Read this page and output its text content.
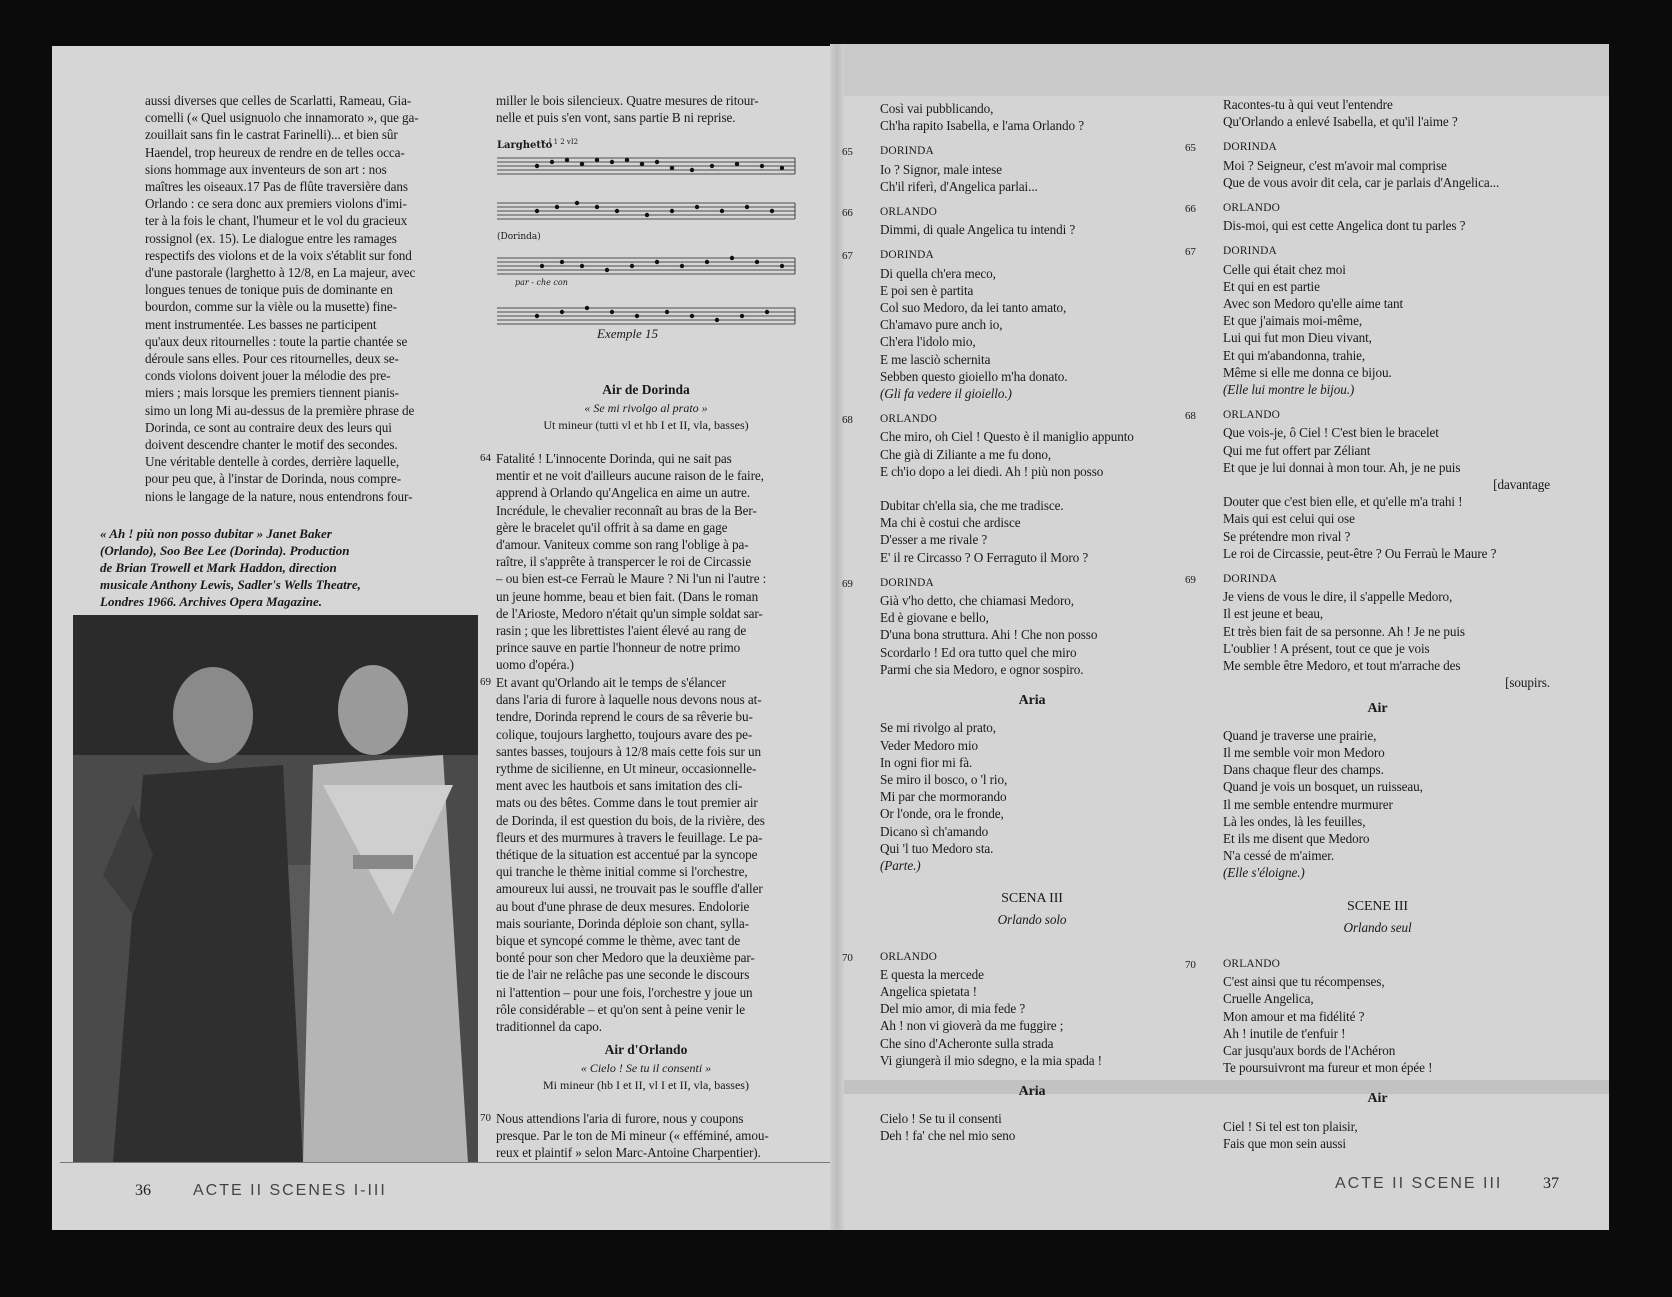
aussi diverses que celles de Scarlatti, Rameau, Gia-
comelli (« Quel usignuolo che innamorato », que ga-
zouillait sans fin le castrat Farinelli)... et bien sûr
Haendel, trop heureux de rendre en de telles occa-
sions hommage aux inventeurs de son art : nos
maîtres les oiseaux.17 Pas de flûte traversière dans
Orlando : ce sera donc aux premiers violons d'imi-
ter à la fois le chant, l'humeur et le vol du gracieux
rossignol (ex. 15). Le dialogue entre les ramages
respectifs des violons et de la voix s'établit sur fond
d'une pastorale (larghetto à 12/8, en La majeur, avec
longues tenues de tonique puis de dominante en
bourdon, comme sur la vièle ou la musette) fine-
ment instrumentée. Les basses ne participent
qu'aux deux ritournelles : toute la partie chantée se
déroule sans elles. Pour ces ritournelles, deux se-
conds violons doivent jouer la mélodie des pre-
miers ; mais lorsque les premiers tiennent pianis-
simo un long Mi au-dessus de la première phrase de
Dorinda, ce sont au contraire deux des leurs qui
doivent descendre chanter le motif des secondes.
Une véritable dentelle à cordes, derrière laquelle,
pour peu que, à l'instar de Dorinda, nous compre-
nions le langage de la nature, nous entendrons four-
« Ah ! più non posso dubitar » Janet Baker
(Orlando), Soo Bee Lee (Dorinda). Production
de Brian Trowell et Mark Haddon, direction
musicale Anthony Lewis, Sadler's Wells Theatre,
Londres 1966. Archives Opera Magazine.
miller le bois silencieux. Quatre mesures de ritour-
nelle et puis s'en vont, sans partie B ni reprise.
Larghetto
v. I 1 2 vI2
(Dorinda)
par - che con
Exemple 15
Air de Dorinda
« Se mi rivolgo al prato »
Ut mineur (tutti vl et hb I et II, vla, basses)
64 Fatalité ! L'innocente Dorinda, qui ne sait pas
mentir et ne voit d'ailleurs aucune raison de le faire,
apprend à Orlando qu'Angelica en aime un autre.
Incrédule, le chevalier reconnaît au bras de la Ber-
gère le bracelet qu'il offrit à sa dame en gage
d'amour. Vaniteux comme son rang l'oblige à pa-
raître, il s'apprête à transpercer le roi de Circassie
– ou bien est-ce Ferraù le Maure ? Ni l'un ni l'autre :
un jeune homme, beau et bien fait. (Dans le roman
de l'Arioste, Medoro n'était qu'un simple soldat sar-
rasin ; que les librettistes l'aient élevé au rang de
prince sauve en partie l'honneur de notre primo
uomo d'opéra.)
69 Et avant qu'Orlando ait le temps de s'élancer
dans l'aria di furore à laquelle nous devons nous at-
tendre, Dorinda reprend le cours de sa rêverie bu-
colique, toujours larghetto, toujours avare des pe-
santes basses, toujours à 12/8 mais cette fois sur un
rythme de sicilienne, en Ut mineur, occasionnelle-
ment avec les hautbois et sans imitation des cli-
mats ou des bêtes. Comme dans le tout premier air
de Dorinda, il est question du bois, de la rivière, des
fleurs et des murmures à travers le feuillage. Le pa-
thétique de la situation est accentué par la syncope
qui tranche le thème initial comme si l'orchestre,
amoureux lui aussi, ne trouvait pas le souffle d'aller
au bout d'une phrase de deux mesures. Endolorie
mais souriante, Dorinda déploie son chant, sylla-
bique et syncopé comme le thème, avec tant de
bonté pour son cher Medoro que la deuxième par-
tie de l'air ne relâche pas une seconde le discours
ni l'attention – pour une fois, l'orchestre y joue un
rôle considérable – et qu'on sent à peine venir le
traditionnel da capo.
Air d'Orlando
« Cielo ! Se tu il consenti »
Mi mineur (hb I et II, vl I et II, vla, basses)
70 Nous attendions l'aria di furore, nous y coupons
presque. Par le ton de Mi mineur (« efféminé, amou-
reux et plaintif » selon Marc-Antoine Charpentier).
36	ACTE II SCENES I-III
Così vai pubblicando,
Ch'ha rapito Isabella, e l'ama Orlando ?
65 DORINDA
Io ? Signor, male intese
Ch'il riferì, d'Angelica parlai...
66 ORLANDO
Dimmi, di quale Angelica tu intendi ?
67 DORINDA
Di quella ch'era meco,
E poi sen è partita
Col suo Medoro, da lei tanto amato,
Ch'amavo pure anch io,
Ch'era l'idolo mio,
E me lasciò schernita
Sebben questo gioiello m'ha donato.
(Gli fa vedere il gioiello.)
68 ORLANDO
Che miro, oh Ciel ! Questo è il maniglio appunto
Che già di Ziliante a me fu dono,
E ch'io dopo a lei diedi. Ah ! più non posso

Dubitar ch'ella sia, che me tradisce.
Ma chi è costui che ardisce
D'esser a me rivale ?
E' il re Circasso ? O Ferraguto il Moro ?
69 DORINDA
Già v'ho detto, che chiamasi Medoro,
Ed è giovane e bello,
D'una bona struttura. Ahi ! Che non posso
Scordarlo ! Ed ora tutto quel che miro
Parmi che sia Medoro, e ognor sospiro.
Aria
Se mi rivolgo al prato,
Veder Medoro mio
In ogni fior mi fà.
Se miro il bosco, o 'l rio,
Mi par che mormorando
Or l'onde, ora le fronde,
Dicano sì ch'amando
Qui 'l tuo Medoro sta.
(Parte.)
SCENA III
Orlando solo
70 ORLANDO
E questa la mercede
Angelica spietata !
Del mio amor, di mia fede ?
Ah ! non vi gioverà da me fuggire ;
Che sino d'Acheronte sulla strada
Vi giungerà il mio sdegno, e la mia spada !
Aria
Cielo ! Se tu il consenti
Deh ! fa' che nel mio seno
Racontes-tu à qui veut l'entendre
Qu'Orlando a enlevé Isabella, et qu'il l'aime ?
65 DORINDA
Moi ? Seigneur, c'est m'avoir mal comprise
Que de vous avoir dit cela, car je parlais d'Angelica...
66 ORLANDO
Dis-moi, qui est cette Angelica dont tu parles ?
67 DORINDA
Celle qui était chez moi
Et qui en est partie
Avec son Medoro qu'elle aime tant
Et que j'aimais moi-même,
Lui qui fut mon Dieu vivant,
Et qui m'abandonna, trahie,
Même si elle me donna ce bijou.
(Elle lui montre le bijou.)
68 ORLANDO
Que vois-je, ô Ciel ! C'est bien le bracelet
Qui me fut offert par Zéliant
Et que je lui donnai à mon tour. Ah, je ne puis
[davantage
Douter que c'est bien elle, et qu'elle m'a trahi !
Mais qui est celui qui ose
Se prétendre mon rival ?
Le roi de Circassie, peut-être ? Ou Ferraù le Maure ?
69 DORINDA
Je viens de vous le dire, il s'appelle Medoro,
Il est jeune et beau,
Et très bien fait de sa personne. Ah ! Je ne puis
L'oublier ! A présent, tout ce que je vois
Me semble être Medoro, et tout m'arrache des
[soupirs.
Air
Quand je traverse une prairie,
Il me semble voir mon Medoro
Dans chaque fleur des champs.
Quand je vois un bosquet, un ruisseau,
Il me semble entendre murmurer
Là les ondes, là les feuilles,
Et ils me disent que Medoro
N'a cessé de m'aimer.
(Elle s'éloigne.)
SCENE III
Orlando seul
70 ORLANDO
C'est ainsi que tu récompenses,
Cruelle Angelica,
Mon amour et ma fidélité ?
Ah ! inutile de t'enfuir !
Car jusqu'aux bords de l'Achéron
Te poursuivront ma fureur et mon épée !
Air
Ciel ! Si tel est ton plaisir,
Fais que mon sein aussi
ACTE II SCENE III	37
